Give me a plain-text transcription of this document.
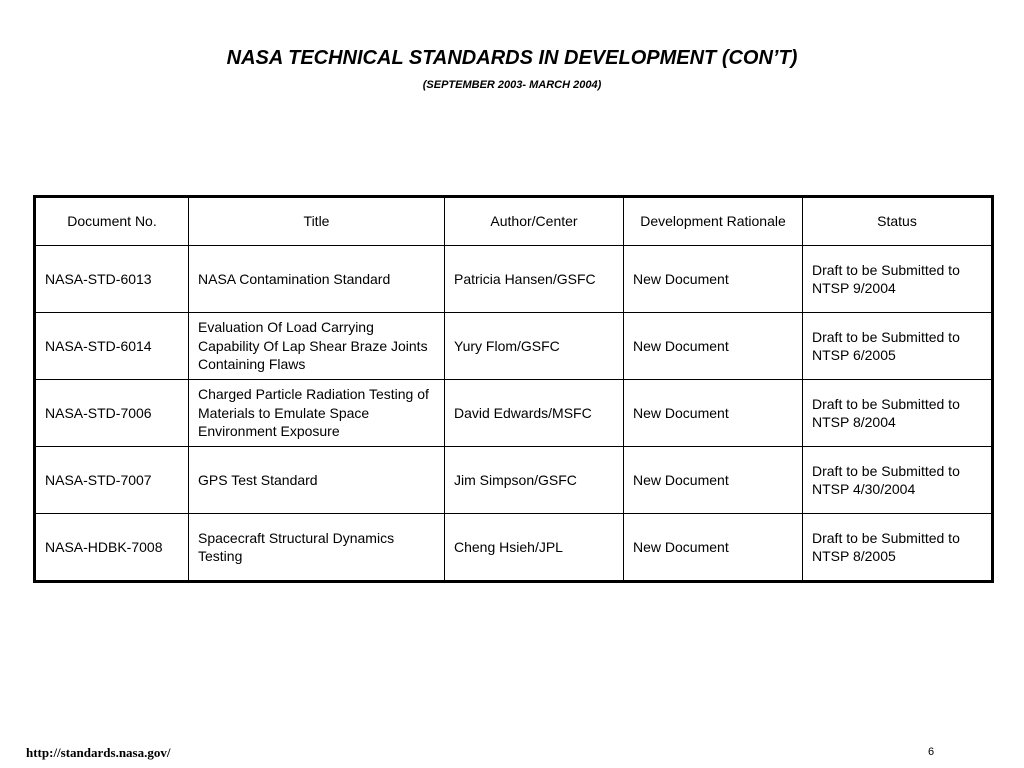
NASA TECHNICAL STANDARDS IN DEVELOPMENT (CON’T)
(SEPTEMBER 2003- MARCH 2004)
Document No.	Title	Author/Center	Development Rationale	Status
NASA-STD-6013	NASA Contamination Standard	Patricia Hansen/GSFC	New Document	Draft to be Submitted to NTSP 9/2004
NASA-STD-6014	Evaluation Of Load Carrying Capability Of Lap Shear Braze Joints Containing Flaws	Yury Flom/GSFC	New Document	Draft to be Submitted to NTSP 6/2005
NASA-STD-7006	Charged Particle Radiation Testing of Materials to Emulate Space Environment Exposure	David Edwards/MSFC	New Document	Draft to be Submitted to NTSP 8/2004
NASA-STD-7007	GPS Test Standard	Jim Simpson/GSFC	New Document	Draft to be Submitted to NTSP 4/30/2004
NASA-HDBK-7008	Spacecraft Structural Dynamics Testing	Cheng Hsieh/JPL	New Document	Draft to be Submitted to NTSP 8/2005
http://standards.nasa.gov/	6
